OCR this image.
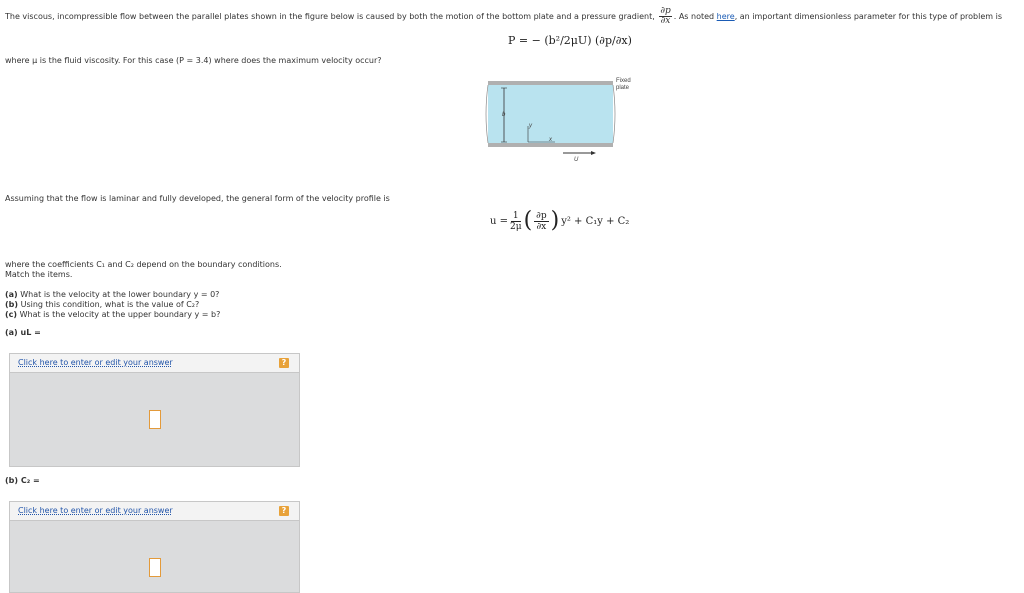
The viscous, incompressible flow between the parallel plates shown in the figure below is caused by both the motion of the bottom plate and a pressure gradient, $\frac{\partial p}{\partial x}$ . As noted here, an important dimensionless parameter for this type of problem is
P = − (b²/2μU) (∂p/∂x)
where μ is the fluid viscosity. For this case (P = 3.4) where does the maximum velocity occur?
Fixed
plate
b
y
x
U
Assuming that the flow is laminar and fully developed, the general form of the velocity profile is
$u = \frac{1}{2\mu}$ ( $\frac{\partial p}{\partial x}$ ) y² + C₁y + C₂
where the coefficients C₁ and C₂ depend on the boundary conditions.
Match the items.
(a) What is the velocity at the lower boundary y = 0?
(b) Using this condition, what is the value of C₂?
(c) What is the velocity at the upper boundary y = b?
(a) uL =
Click here to enter or edit your answer	?
(b) C₂ =
Click here to enter or edit your answer	?
